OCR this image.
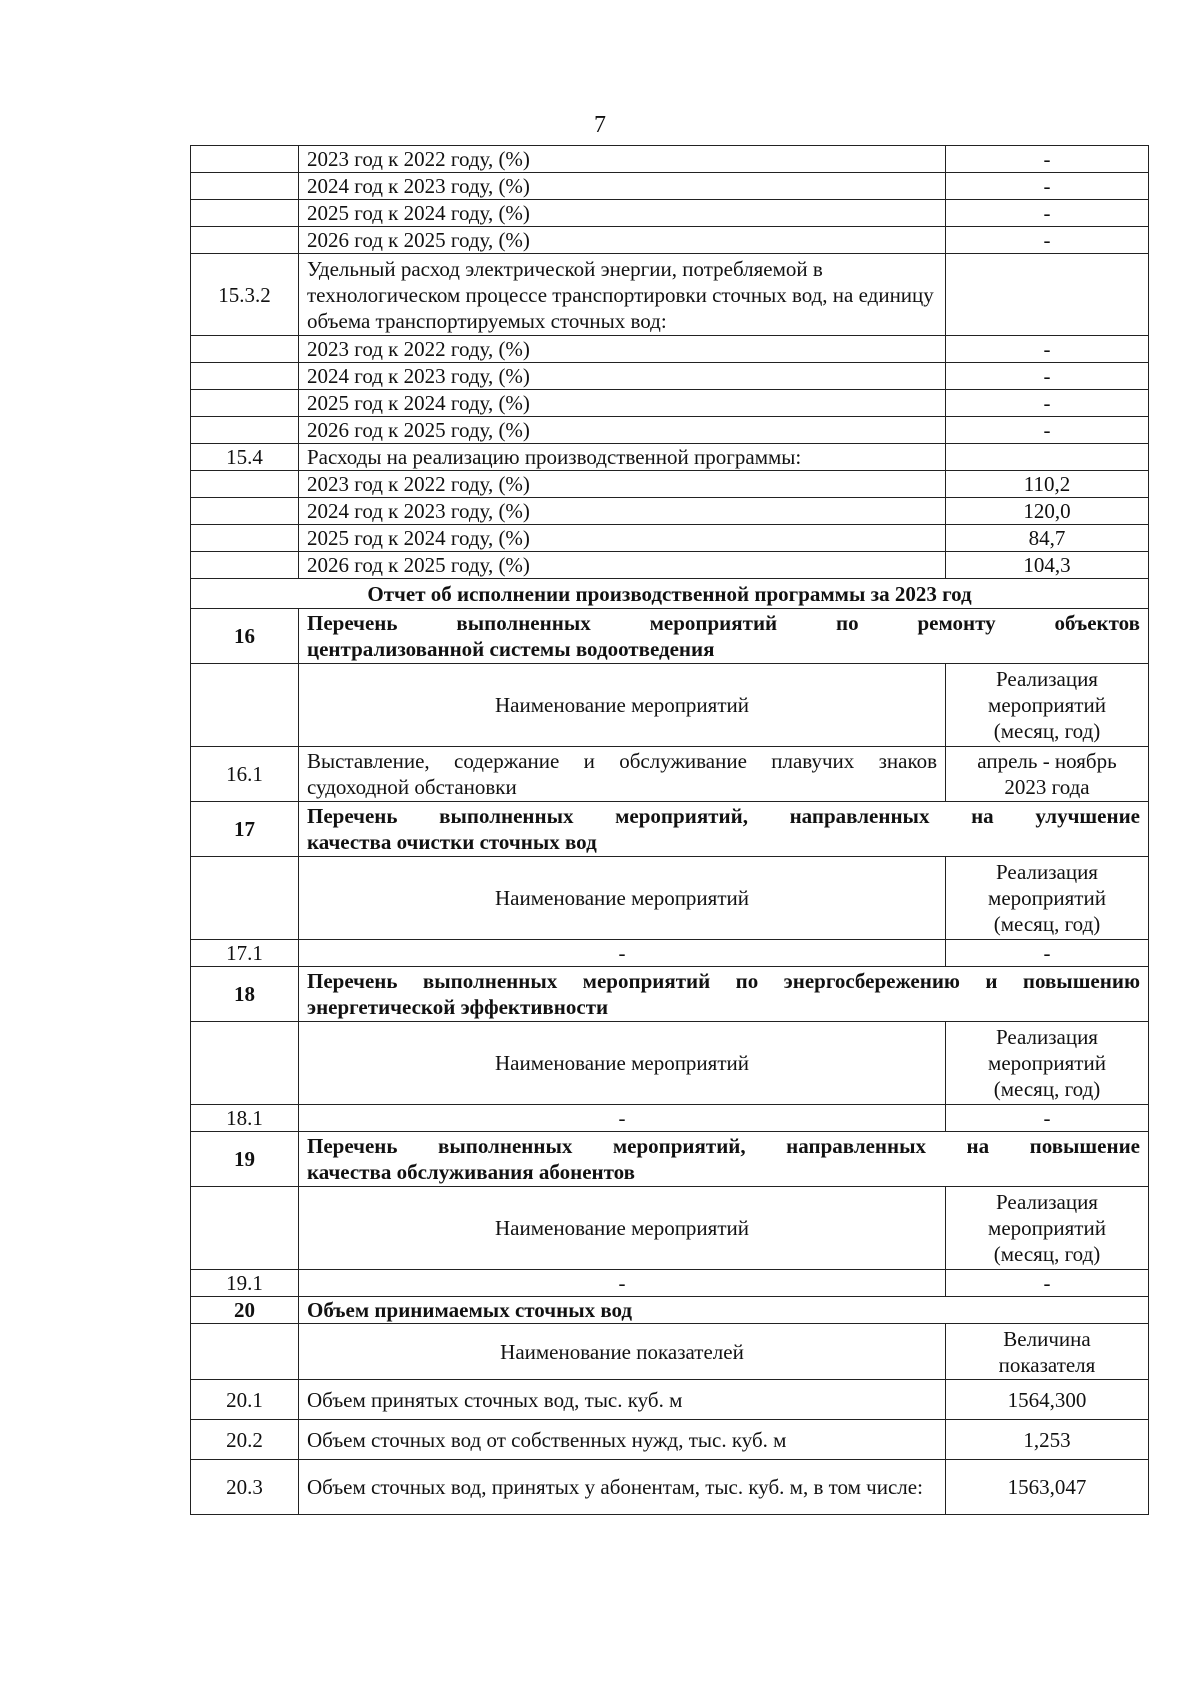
7
	2023 год к 2022 году, (%)	-
	2024 год к 2023 году, (%)	-
	2025 год к 2024 году, (%)	-
	2026 год к 2025 году, (%)	-
15.3.2	Удельный расход электрической энергии, потребляемой в технологическом процессе транспортировки сточных вод, на единицу объема транспортируемых сточных вод:	
	2023 год к 2022 году, (%)	-
	2024 год к 2023 году, (%)	-
	2025 год к 2024 году, (%)	-
	2026 год к 2025 году, (%)	-
15.4	Расходы на реализацию производственной программы:	
	2023 год к 2022 году, (%)	110,2
	2024 год к 2023 году, (%)	120,0
	2025 год к 2024 году, (%)	84,7
	2026 год к 2025 году, (%)	104,3
Отчет об исполнении производственной программы за 2023 год		
16	Перечень выполненных мероприятий по ремонту объектов
централизованной системы водоотведения	

	Наименование мероприятий	Реализация мероприятий (месяц, год)
16.1	Выставление, содержание и обслуживание плавучих знаков
судоходной обстановки	апрель - ноябрь 2023 года
17	Перечень выполненных мероприятий, направленных на улучшение
качества очистки сточных вод	

	Наименование мероприятий	Реализация мероприятий (месяц, год)
17.1	-	-
18	Перечень выполненных мероприятий по энергосбережению и повышению
энергетической эффективности	

	Наименование мероприятий	Реализация мероприятий (месяц, год)
18.1	-	-
19	Перечень выполненных мероприятий, направленных на повышение
качества обслуживания абонентов	

	Наименование мероприятий	Реализация мероприятий (месяц, год)
19.1	-	-
20	Объем принимаемых сточных вод	
	Наименование показателей	Величина показателя
20.1	Объем принятых сточных вод, тыс. куб. м	1564,300
20.2	Объем сточных вод от собственных нужд, тыс. куб. м	1,253
20.3	Объем сточных вод, принятых у абонентам, тыс. куб. м, в том числе:	1563,047
